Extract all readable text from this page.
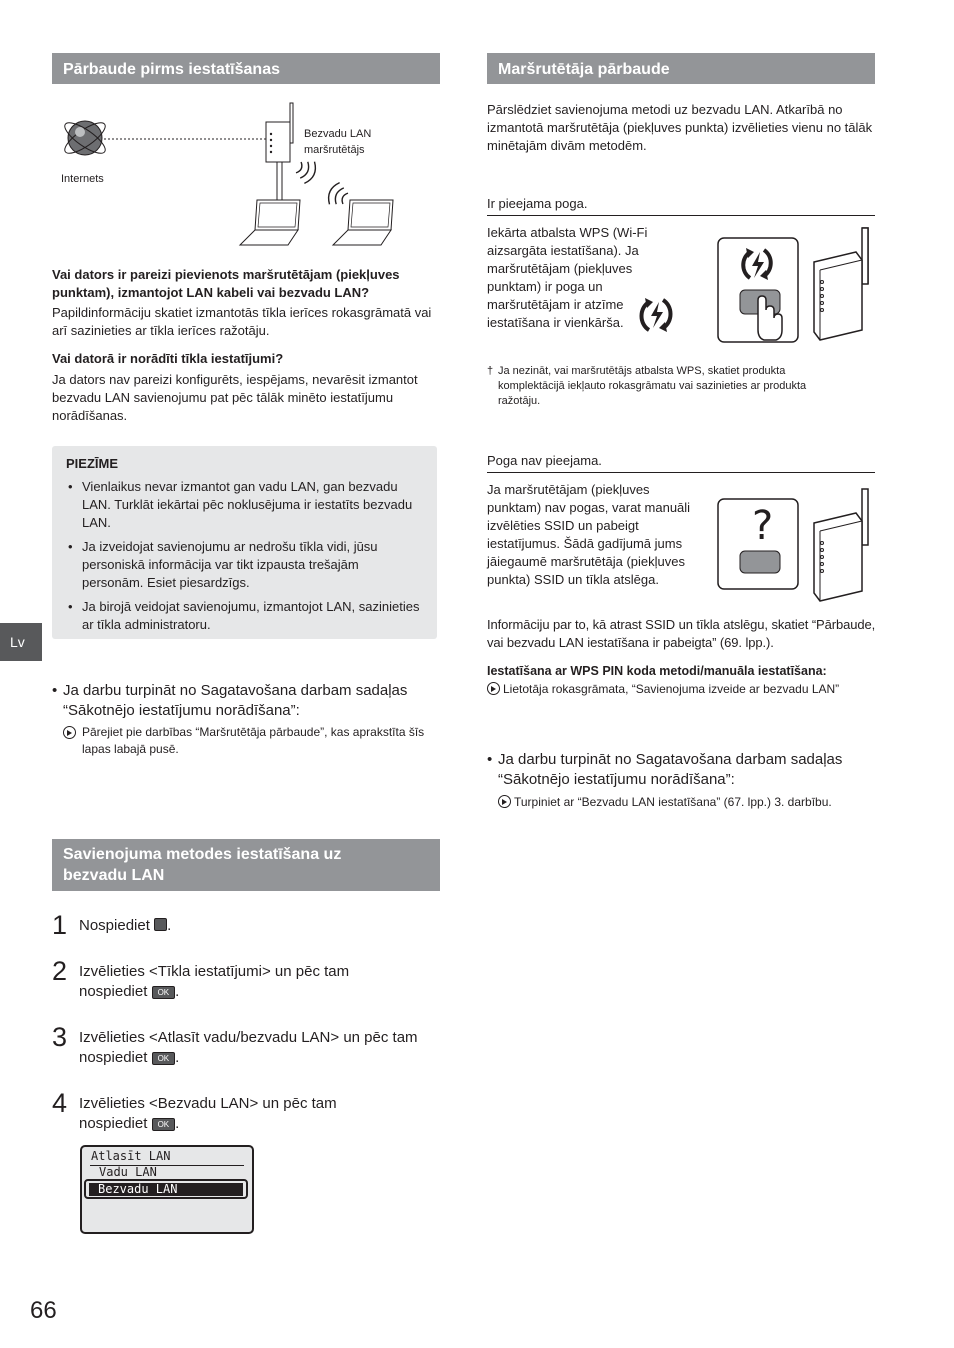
Pārbaude pirms iestatīšanas
Internets
Bezvadu LAN
maršrutētājs
Vai dators ir pareizi pievienots maršrutētājam (piekļuves punktam), izmantojot LAN kabeli vai bezvadu LAN?
Papildinformāciju skatiet izmantotās tīkla ierīces rokasgrāmatā vai arī sazinieties ar tīkla ierīces ražotāju.
Vai datorā ir norādīti tīkla iestatījumi?
Ja dators nav pareizi konfigurēts, iespējams, nevarēsit izmantot bezvadu LAN savienojumu pat pēc tālāk minēto iestatījumu norādīšanas.
PIEZĪME
• Vienlaikus nevar izmantot gan vadu LAN, gan bezvadu LAN. Turklāt iekārtai pēc noklusējuma ir iestatīts bezvadu LAN.
• Ja izveidojat savienojumu ar nedrošu tīkla vidi, jūsu personiskā informācija var tikt izpausta trešajām personām. Esiet piesardzīgs.
• Ja birojā veidojat savienojumu, izmantojot LAN, sazinieties ar tīkla administratoru.
Lv
• Ja darbu turpināt no Sagatavošana darbam sadaļas “Sākotnējo iestatījumu norādīšana”:
Pārejiet pie darbības “Maršrutētāja pārbaude”, kas aprakstīta šīs lapas labajā pusē.
Savienojuma metodes iestatīšana uz bezvadu LAN
1 Nospiediet .
2 Izvēlieties <Tīkla iestatījumi> un pēc tam nospiediet OK .
3 Izvēlieties <Atlasīt vadu/bezvadu LAN> un pēc tam nospiediet OK .
4 Izvēlieties <Bezvadu LAN> un pēc tam nospiediet OK .
Atlasīt LAN
Vadu LAN
Bezvadu LAN
66
Maršrutētāja pārbaude
Pārslēdziet savienojuma metodi uz bezvadu LAN. Atkarībā no izmantotā maršrutētāja (piekļuves punkta) izvēlieties vienu no tālāk minētajām divām metodēm.
Ir pieejama poga.
Iekārta atbalsta WPS (Wi-Fi aizsargāta iestatīšana). Ja maršrutētājam (piekļuves punktam) ir poga un maršrutētājam ir atzīme iestatīšana ir vienkārša.
† Ja nezināt, vai maršrutētājs atbalsta WPS, skatiet produkta komplektācijā iekļauto rokasgrāmatu vai sazinieties ar produkta ražotāju.
Poga nav pieejama.
Ja maršrutētājam (piekļuves punktam) nav pogas, varat manuāli izvēlēties SSID un pabeigt iestatījumus. Šādā gadījumā jums jāiegaumē maršrutētāja (piekļuves punkta) SSID un tīkla atslēga.
?
Informāciju par to, kā atrast SSID un tīkla atslēgu, skatiet “Pārbaude, vai bezvadu LAN iestatīšana ir pabeigta” (69. lpp.).
Iestatīšana ar WPS PIN koda metodi/manuāla iestatīšana:
Lietotāja rokasgrāmata, “Savienojuma izveide ar bezvadu LAN”
• Ja darbu turpināt no Sagatavošana darbam sadaļas “Sākotnējo iestatījumu norādīšana”:
Turpiniet ar “Bezvadu LAN iestatīšana” (67. lpp.) 3. darbību.
